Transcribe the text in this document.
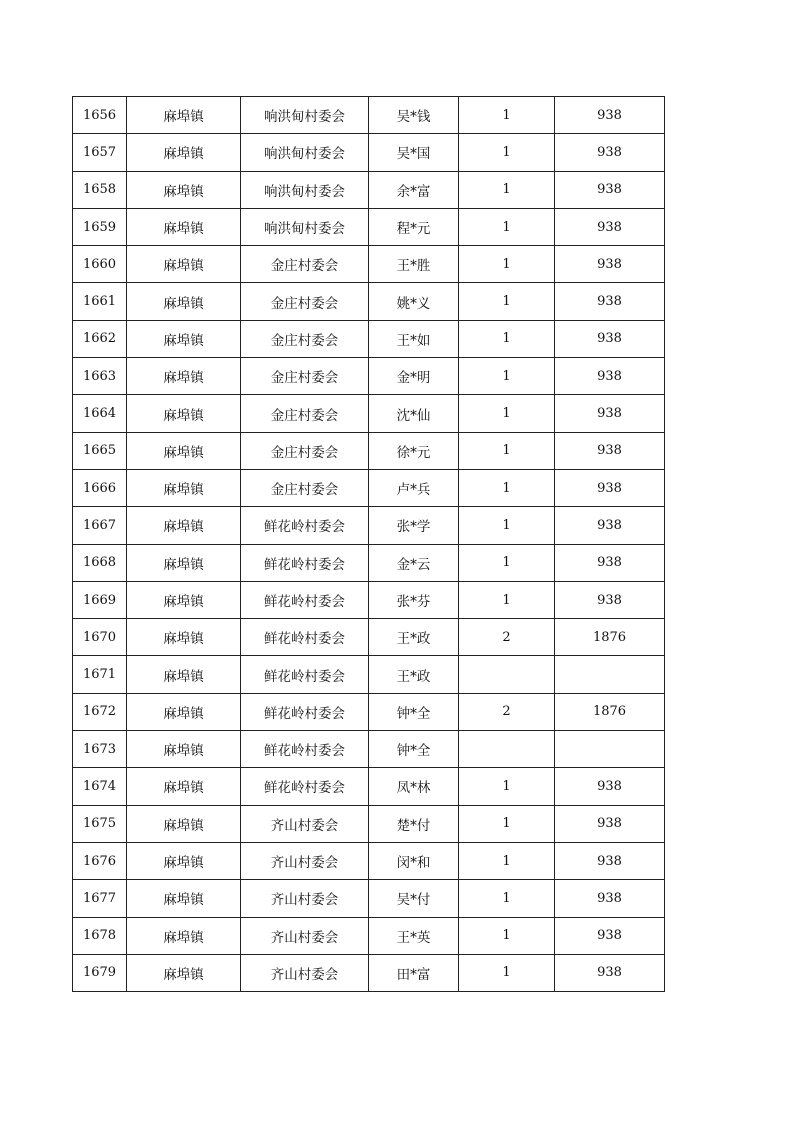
1656	麻埠镇	响洪甸村委会	吴*钱	1	938
1657	麻埠镇	响洪甸村委会	吴*国	1	938
1658	麻埠镇	响洪甸村委会	余*富	1	938
1659	麻埠镇	响洪甸村委会	程*元	1	938
1660	麻埠镇	金庄村委会	王*胜	1	938
1661	麻埠镇	金庄村委会	姚*义	1	938
1662	麻埠镇	金庄村委会	王*如	1	938
1663	麻埠镇	金庄村委会	金*明	1	938
1664	麻埠镇	金庄村委会	沈*仙	1	938
1665	麻埠镇	金庄村委会	徐*元	1	938
1666	麻埠镇	金庄村委会	卢*兵	1	938
1667	麻埠镇	鲜花岭村委会	张*学	1	938
1668	麻埠镇	鲜花岭村委会	金*云	1	938
1669	麻埠镇	鲜花岭村委会	张*芬	1	938
1670	麻埠镇	鲜花岭村委会	王*政	2	1876
1671	麻埠镇	鲜花岭村委会	王*政		
1672	麻埠镇	鲜花岭村委会	钟*全	2	1876
1673	麻埠镇	鲜花岭村委会	钟*全		
1674	麻埠镇	鲜花岭村委会	凤*林	1	938
1675	麻埠镇	齐山村委会	楚*付	1	938
1676	麻埠镇	齐山村委会	闵*和	1	938
1677	麻埠镇	齐山村委会	吴*付	1	938
1678	麻埠镇	齐山村委会	王*英	1	938
1679	麻埠镇	齐山村委会	田*富	1	938
